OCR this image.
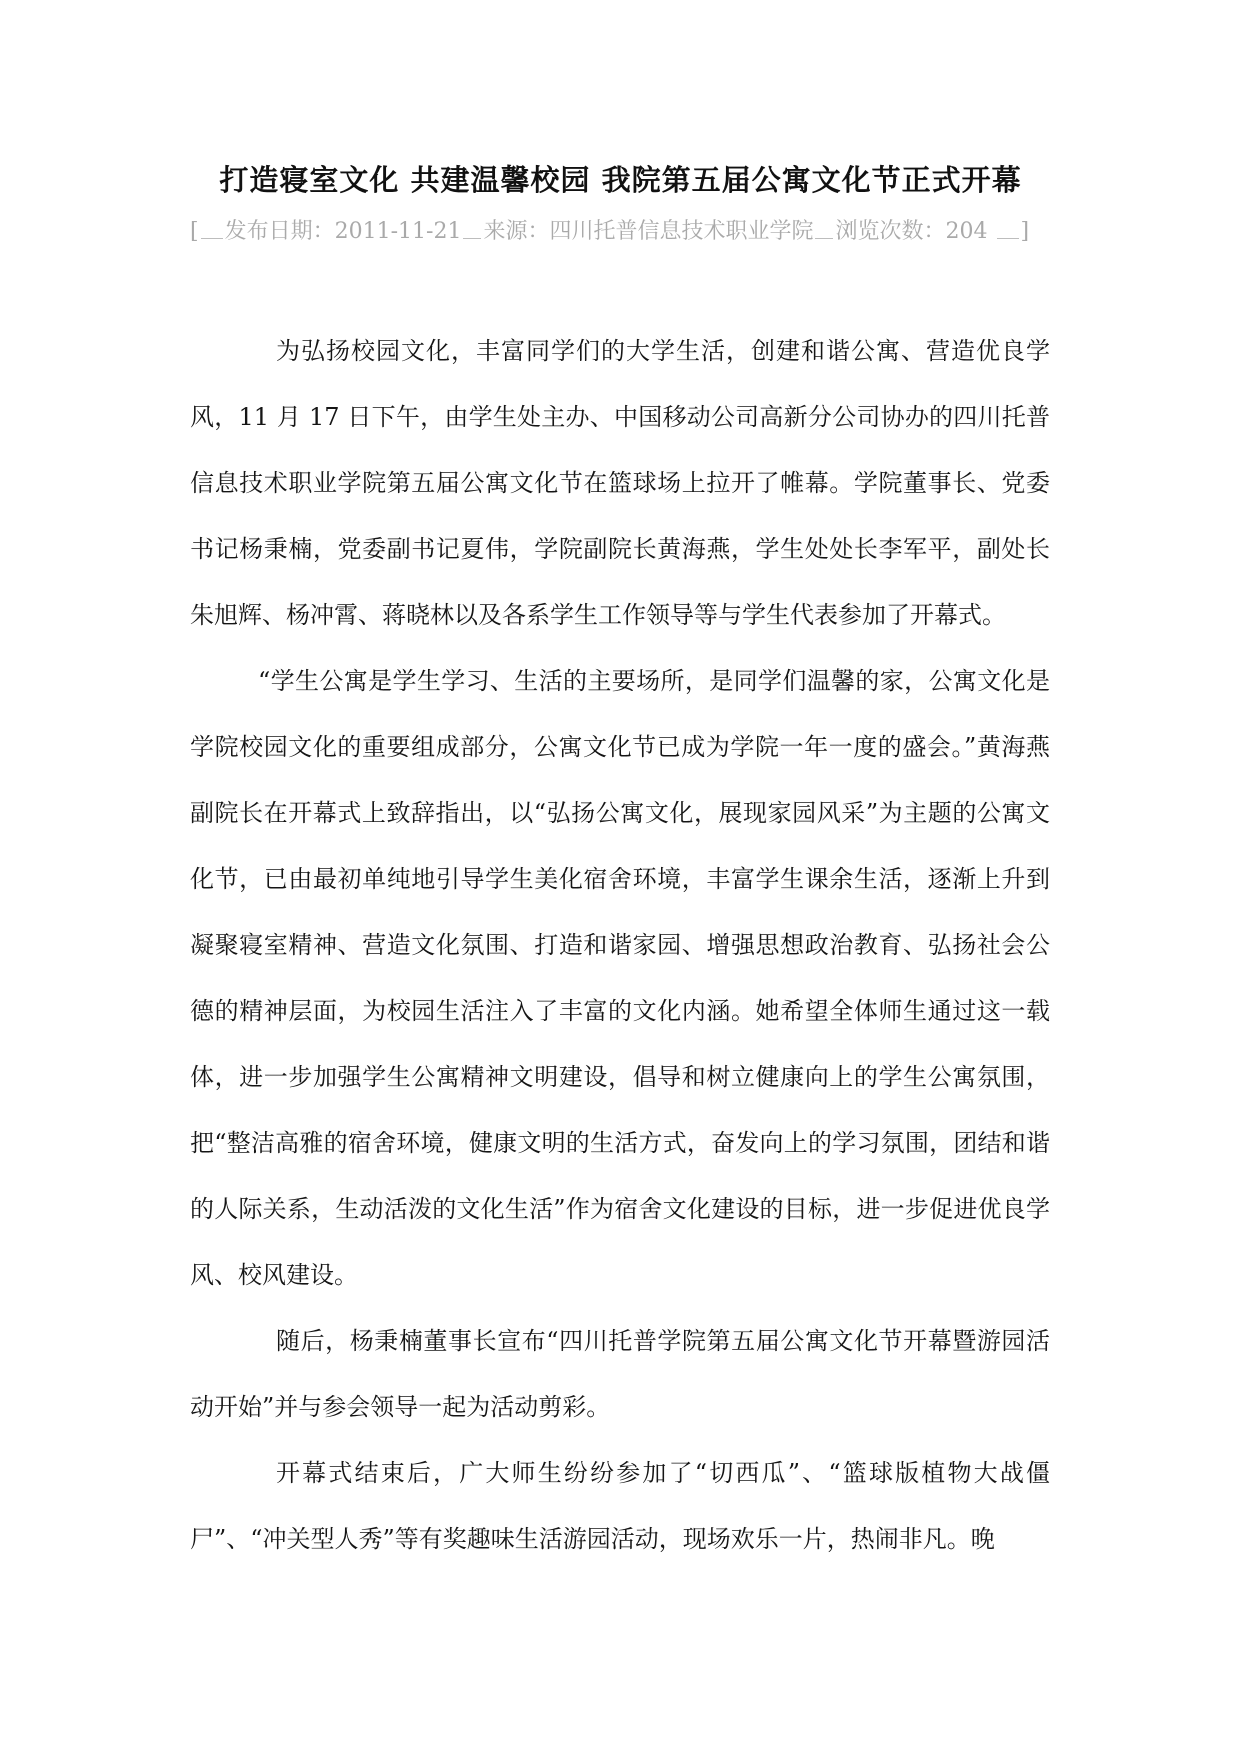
打造寝室文化 共建温馨校园 我院第五届公寓文化节正式开幕

[ 发布日期：2011-11-21 来源：四川托普信息技术职业学院 浏览次数：204 ]

为弘扬校园文化，丰富同学们的大学生活，创建和谐公寓、营造优良学风，11 月 17 日下午，由学生处主办、中国移动公司高新分公司协办的四川托普信息技术职业学院第五届公寓文化节在篮球场上拉开了帷幕。学院董事长、党委书记杨秉楠，党委副书记夏伟，学院副院长黄海燕，学生处处长李军平，副处长朱旭辉、杨冲霄、蒋晓林以及各系学生工作领导等与学生代表参加了开幕式。

“学生公寓是学生学习、生活的主要场所，是同学们温馨的家，公寓文化是学院校园文化的重要组成部分，公寓文化节已成为学院一年一度的盛会。”黄海燕副院长在开幕式上致辞指出，以“弘扬公寓文化，展现家园风采”为主题的公寓文化节，已由最初单纯地引导学生美化宿舍环境，丰富学生课余生活，逐渐上升到凝聚寝室精神、营造文化氛围、打造和谐家园、增强思想政治教育、弘扬社会公德的精神层面，为校园生活注入了丰富的文化内涵。她希望全体师生通过这一载体，进一步加强学生公寓精神文明建设，倡导和树立健康向上的学生公寓氛围，把“整洁高雅的宿舍环境，健康文明的生活方式，奋发向上的学习氛围，团结和谐的人际关系，生动活泼的文化生活”作为宿舍文化建设的目标，进一步促进优良学风、校风建设。

随后，杨秉楠董事长宣布“四川托普学院第五届公寓文化节开幕暨游园活动开始”并与参会领导一起为活动剪彩。

开幕式结束后，广大师生纷纷参加了“切西瓜”、“篮球版植物大战僵尸”、“冲关型人秀”等有奖趣味生活游园活动，现场欢乐一片，热闹非凡。晚
